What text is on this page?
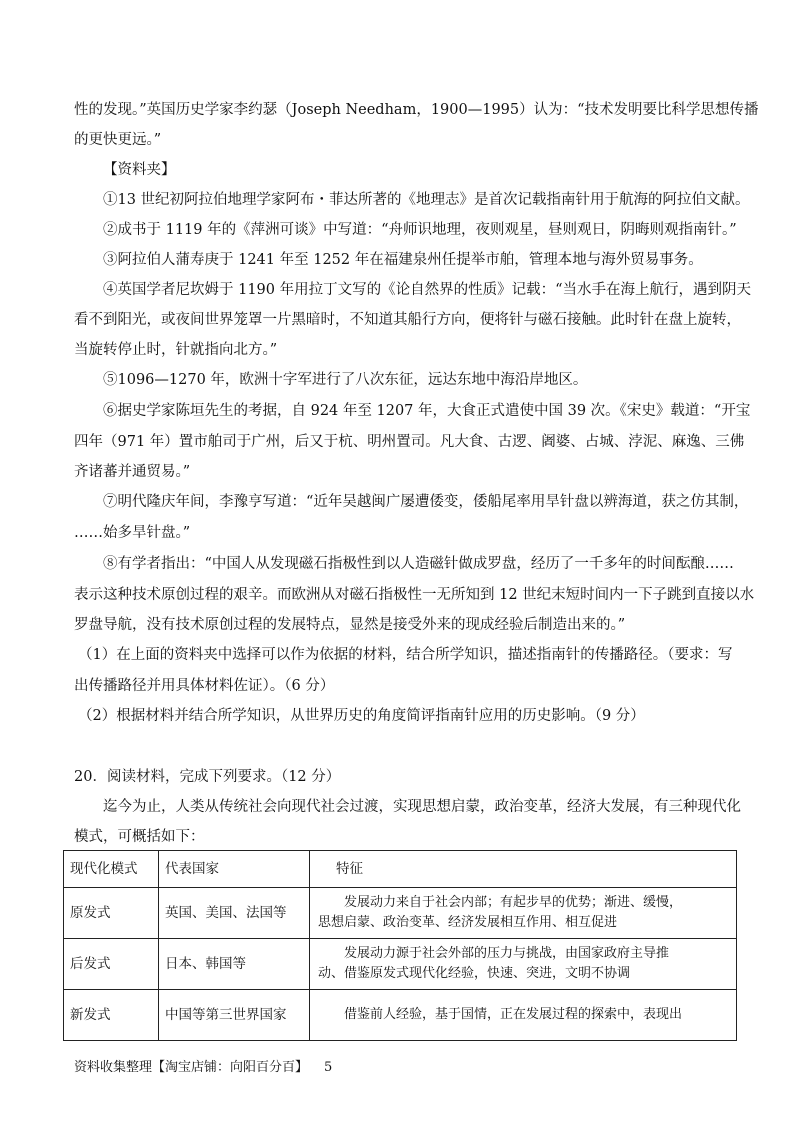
性的发现。”英国历史学家李约瑟（Joseph Needham，1900—1995）认为：“技术发明要比科学思想传播
的更快更远。”
【资料夹】
①13 世纪初阿拉伯地理学家阿布・菲达所著的《地理志》是首次记载指南针用于航海的阿拉伯文献。
②成书于 1119 年的《萍洲可谈》中写道：“舟师识地理，夜则观星，昼则观日，阴晦则观指南针。”
③阿拉伯人蒲寿庚于 1241 年至 1252 年在福建泉州任提举市舶，管理本地与海外贸易事务。
④英国学者尼坎姆于 1190 年用拉丁文写的《论自然界的性质》记载：“当水手在海上航行，遇到阴天
看不到阳光，或夜间世界笼罩一片黑暗时，不知道其船行方向，便将针与磁石接触。此时针在盘上旋转，
当旋转停止时，针就指向北方。”
⑤1096—1270 年，欧洲十字军进行了八次东征，远达东地中海沿岸地区。
⑥据史学家陈垣先生的考据，自 924 年至 1207 年，大食正式遣使中国 39 次。《宋史》载道：“开宝
四年（971 年）置市舶司于广州，后又于杭、明州置司。凡大食、古逻、阇婆、占城、浡泥、麻逸、三佛
齐诸蕃并通贸易。”
⑦明代隆庆年间，李豫亨写道：“近年吴越闽广屡遭倭变，倭船尾率用旱针盘以辨海道，获之仿其制，
……始多旱针盘。”
⑧有学者指出：“中国人从发现磁石指极性到以人造磁针做成罗盘，经历了一千多年的时间酝酿……
表示这种技术原创过程的艰辛。而欧洲从对磁石指极性一无所知到 12 世纪末短时间内一下子跳到直接以水
罗盘导航，没有技术原创过程的发展特点，显然是接受外来的现成经验后制造出来的。”
（1）在上面的资料夹中选择可以作为依据的材料，结合所学知识，描述指南针的传播路径。（要求：写
出传播路径并用具体材料佐证）。（6 分）
（2）根据材料并结合所学知识，从世界历史的角度简评指南针应用的历史影响。（9 分）
20．阅读材料，完成下列要求。（12 分）
迄今为止，人类从传统社会向现代社会过渡，实现思想启蒙，政治变革，经济大发展，有三种现代化
模式，可概括如下：
现代化模式	代表国家	特征
原发式	英国、美国、法国等	发展动力来自于社会内部；有起步早的优势；渐进、缓慢，
思想启蒙、政治变革、经济发展相互作用、相互促进

后发式	日本、韩国等	发展动力源于社会外部的压力与挑战，由国家政府主导推
动、借鉴原发式现代化经验，快速、突进，文明不协调

新发式	中国等第三世界国家	借鉴前人经验，基于国情，正在发展过程的探索中，表现出
资料收集整理【淘宝店铺：向阳百分百】 5
